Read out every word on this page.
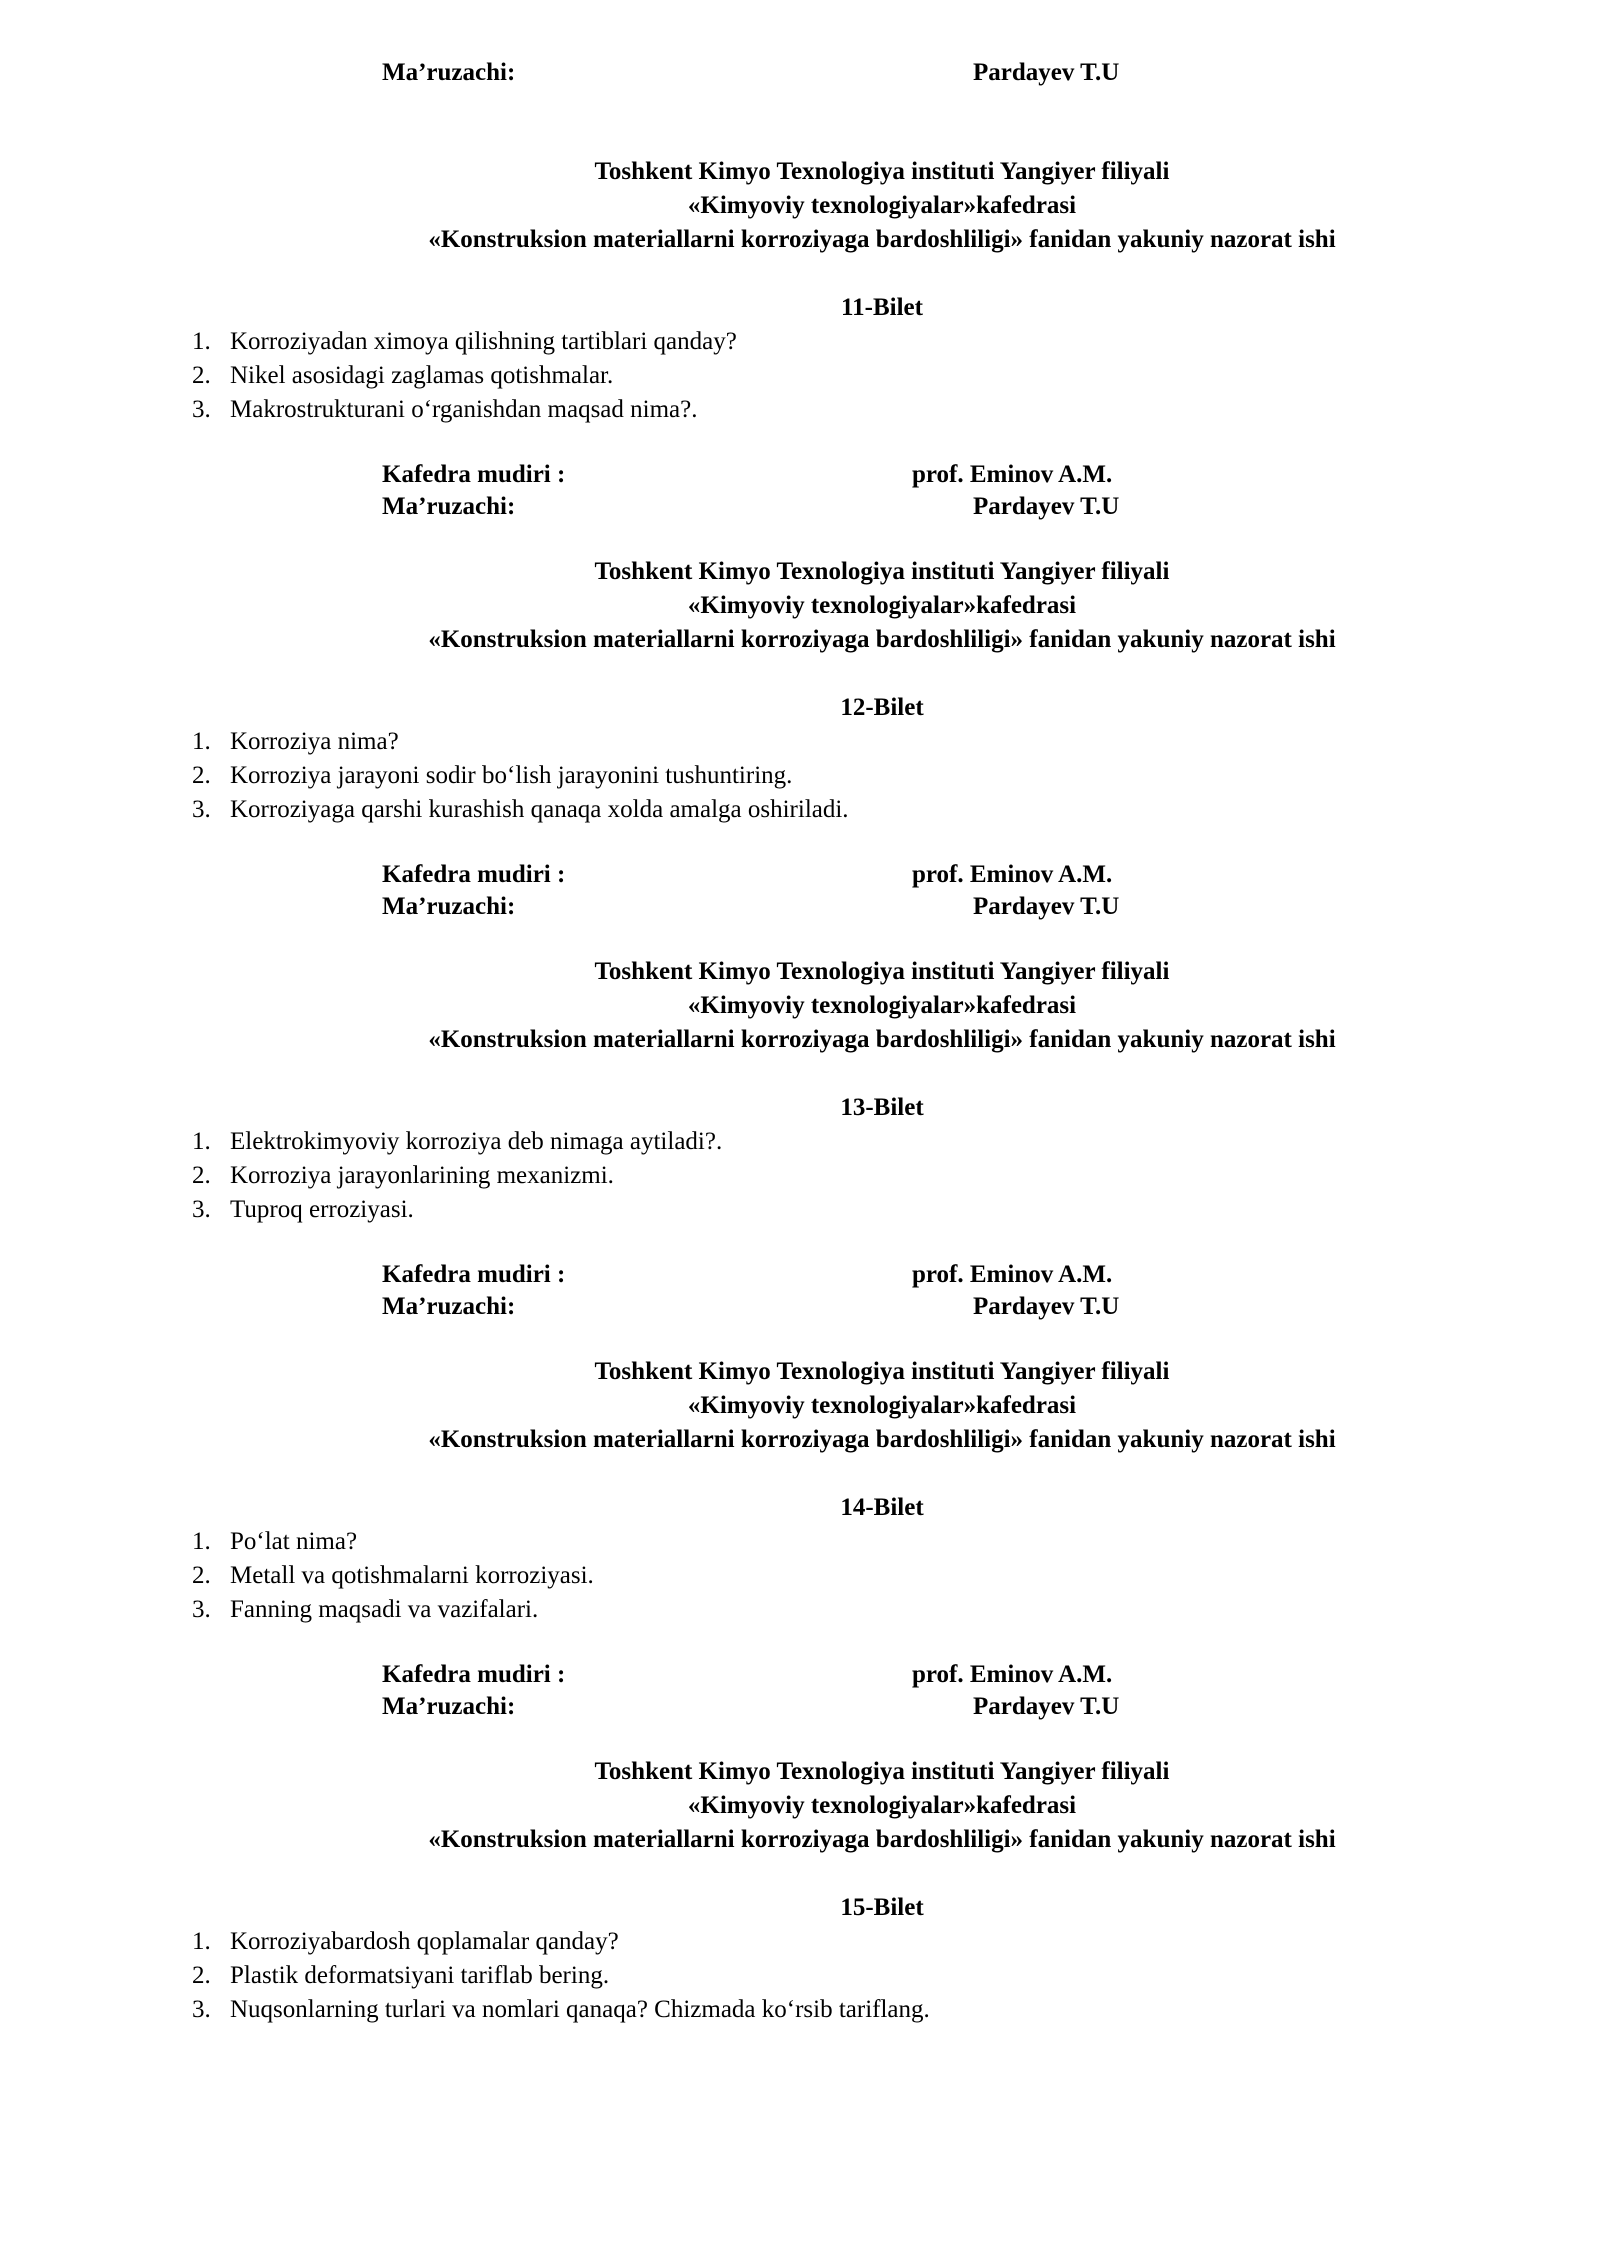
Ma’ruzachi:	Pardayev T.U
Toshkent Kimyo Texnologiya instituti Yangiyer filiyali
«Kimyoviy texnologiyalar»kafedrasi
«Konstruksion materiallarni korroziyaga bardoshliligi» fanidan yakuniy nazorat ishi
11-Bilet
1. Korroziyadan ximoya qilishning tartiblari qanday?
2. Nikel asosidagi zaglamas qotishmalar.
3. Makrostrukturani o‘rganishdan maqsad nima?.
Kafedra mudiri :	prof. Eminov A.M.
Ma’ruzachi:	Pardayev T.U
Toshkent Kimyo Texnologiya instituti Yangiyer filiyali
«Kimyoviy texnologiyalar»kafedrasi
«Konstruksion materiallarni korroziyaga bardoshliligi» fanidan yakuniy nazorat ishi
12-Bilet
1. Korroziya nima?
2. Korroziya jarayoni sodir bo‘lish jarayonini tushuntiring.
3. Korroziyaga qarshi kurashish qanaqa xolda amalga oshiriladi.
Kafedra mudiri :	prof. Eminov A.M.
Ma’ruzachi:	Pardayev T.U
Toshkent Kimyo Texnologiya instituti Yangiyer filiyali
«Kimyoviy texnologiyalar»kafedrasi
«Konstruksion materiallarni korroziyaga bardoshliligi» fanidan yakuniy nazorat ishi
13-Bilet
1. Elektrokimyoviy korroziya deb nimaga aytiladi?.
2. Korroziya jarayonlarining mexanizmi.
3. Tuproq erroziyasi.
Kafedra mudiri :	prof. Eminov A.M.
Ma’ruzachi:	Pardayev T.U
Toshkent Kimyo Texnologiya instituti Yangiyer filiyali
«Kimyoviy texnologiyalar»kafedrasi
«Konstruksion materiallarni korroziyaga bardoshliligi» fanidan yakuniy nazorat ishi
14-Bilet
1. Po‘lat nima?
2. Metall va qotishmalarni korroziyasi.
3. Fanning maqsadi va vazifalari.
Kafedra mudiri :	prof. Eminov A.M.
Ma’ruzachi:	Pardayev T.U
Toshkent Kimyo Texnologiya instituti Yangiyer filiyali
«Kimyoviy texnologiyalar»kafedrasi
«Konstruksion materiallarni korroziyaga bardoshliligi» fanidan yakuniy nazorat ishi
15-Bilet
1. Korroziyabardosh qoplamalar qanday?
2. Plastik deformatsiyani tariflab bering.
3. Nuqsonlarning turlari va nomlari qanaqa? Chizmada ko‘rsib tariflang.
